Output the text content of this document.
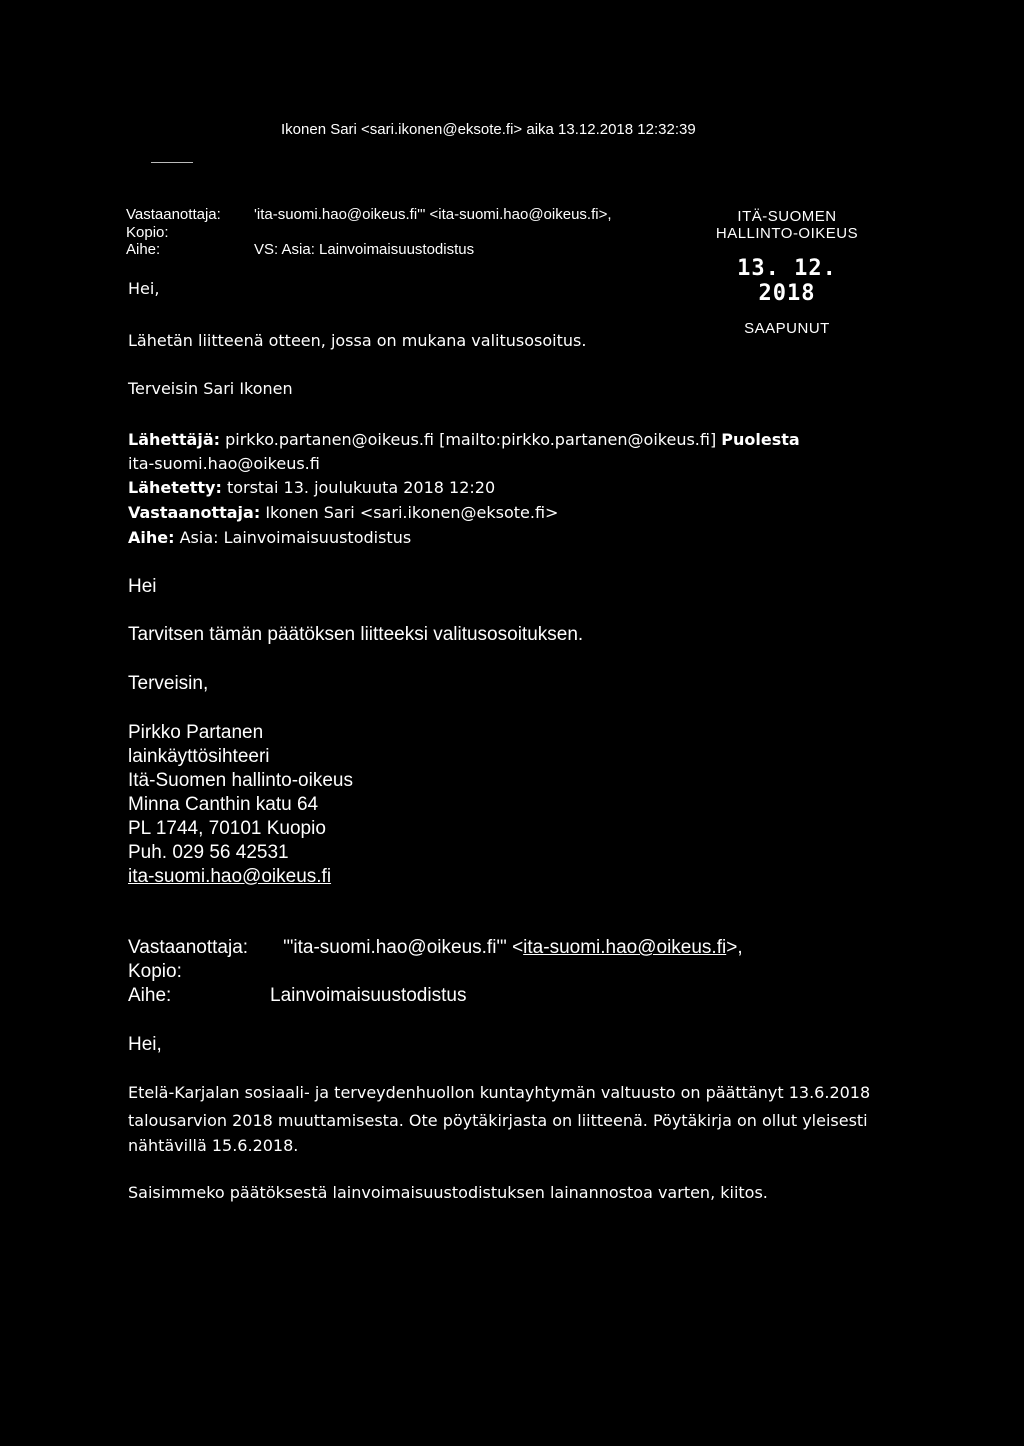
Ikonen Sari <sari.ikonen@eksote.fi> aika 13.12.2018 12:32:39
Vastaanottaja: 'ita-suomi.hao@oikeus.fi'" <ita-suomi.hao@oikeus.fi>,
Kopio:
Aihe:	VS: Asia: Lainvoimaisuustodistus
ITÄ-SUOMEN
HALLINTO-OIKEUS
13. 12. 2018
SAAPUNUT
Hei,
Lähetän liitteenä otteen, jossa on mukana valitusosoitus.
Terveisin Sari Ikonen
Lähettäjä: pirkko.partanen@oikeus.fi [mailto:pirkko.partanen@oikeus.fi] Puolesta
ita-suomi.hao@oikeus.fi
Lähetetty: torstai 13. joulukuuta 2018 12:20
Vastaanottaja: Ikonen Sari <sari.ikonen@eksote.fi>
Aihe: Asia: Lainvoimaisuustodistus
Hei
Tarvitsen tämän päätöksen liitteeksi valitusosoituksen.
Terveisin,
Pirkko Partanen
lainkäyttösihteeri
Itä-Suomen hallinto-oikeus
Minna Canthin katu 64
PL 1744, 70101 Kuopio
Puh. 029 56 42531
ita-suomi.hao@oikeus.fi
Vastaanottaja: '"ita-suomi.hao@oikeus.fi'" <ita-suomi.hao@oikeus.fi>,
Kopio:
Aihe:	Lainvoimaisuustodistus
Hei,
Etelä-Karjalan sosiaali- ja terveydenhuollon kuntayhtymän valtuusto on päättänyt 13.6.2018
talousarvion 2018 muuttamisesta. Ote pöytäkirjasta on liitteenä. Pöytäkirja on ollut yleisesti
nähtävillä 15.6.2018.
Saisimmeko päätöksestä lainvoimaisuustodistuksen lainannostoa varten, kiitos.
